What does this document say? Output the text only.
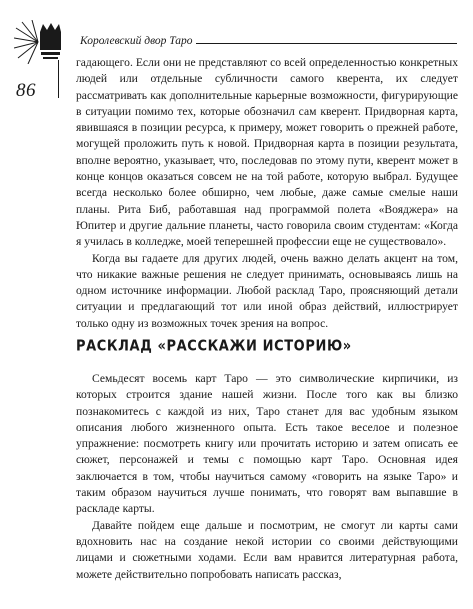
Королевский двор Таро
86

гадающего. Если они не представляют со всей определенностью конкретных людей или отдельные субличности самого кверента, их следует рассматривать как дополнительные карьерные возможности, фигурирующие в ситуации помимо тех, которые обозначил сам кверент. Придворная карта, явившаяся в позиции ресурса, к примеру, может говорить о прежней работе, могущей проложить путь к новой. Придворная карта в позиции результата, вполне вероятно, указывает, что, последовав по этому пути, кверент может в конце концов оказаться совсем не на той работе, которую выбрал. Будущее всегда несколько более обширно, чем любые, даже самые смелые наши планы. Рита Биб, работавшая над программой полета «Вояджера» на Юпитер и другие дальние планеты, часто говорила своим студентам: «Когда я училась в колледже, моей теперешней профессии еще не существовало».

Когда вы гадаете для других людей, очень важно делать акцент на том, что никакие важные решения не следует принимать, основываясь лишь на одном источнике информации. Любой расклад Таро, проясняющий детали ситуации и предлагающий тот или иной образ действий, иллюстрирует только одну из возможных точек зрения на вопрос.

РАСКЛАД «РАССКАЖИ ИСТОРИЮ»

Семьдесят восемь карт Таро — это символические кирпичики, из которых строится здание нашей жизни. После того как вы близко познакомитесь с каждой из них, Таро станет для вас удобным языком описания любого жизненного опыта. Есть такое веселое и полезное упражнение: посмотреть книгу или прочитать историю и затем описать ее сюжет, персонажей и темы с помощью карт Таро. Основная идея заключается в том, чтобы научиться самому «говорить на языке Таро» и таким образом научиться лучше понимать, что говорят вам выпавшие в раскладе карты.

Давайте пойдем еще дальше и посмотрим, не смогут ли карты сами вдохновить нас на создание некой истории со своими действующими лицами и сюжетными ходами. Если вам нравится литературная работа, можете действительно попробовать написать рассказ,
